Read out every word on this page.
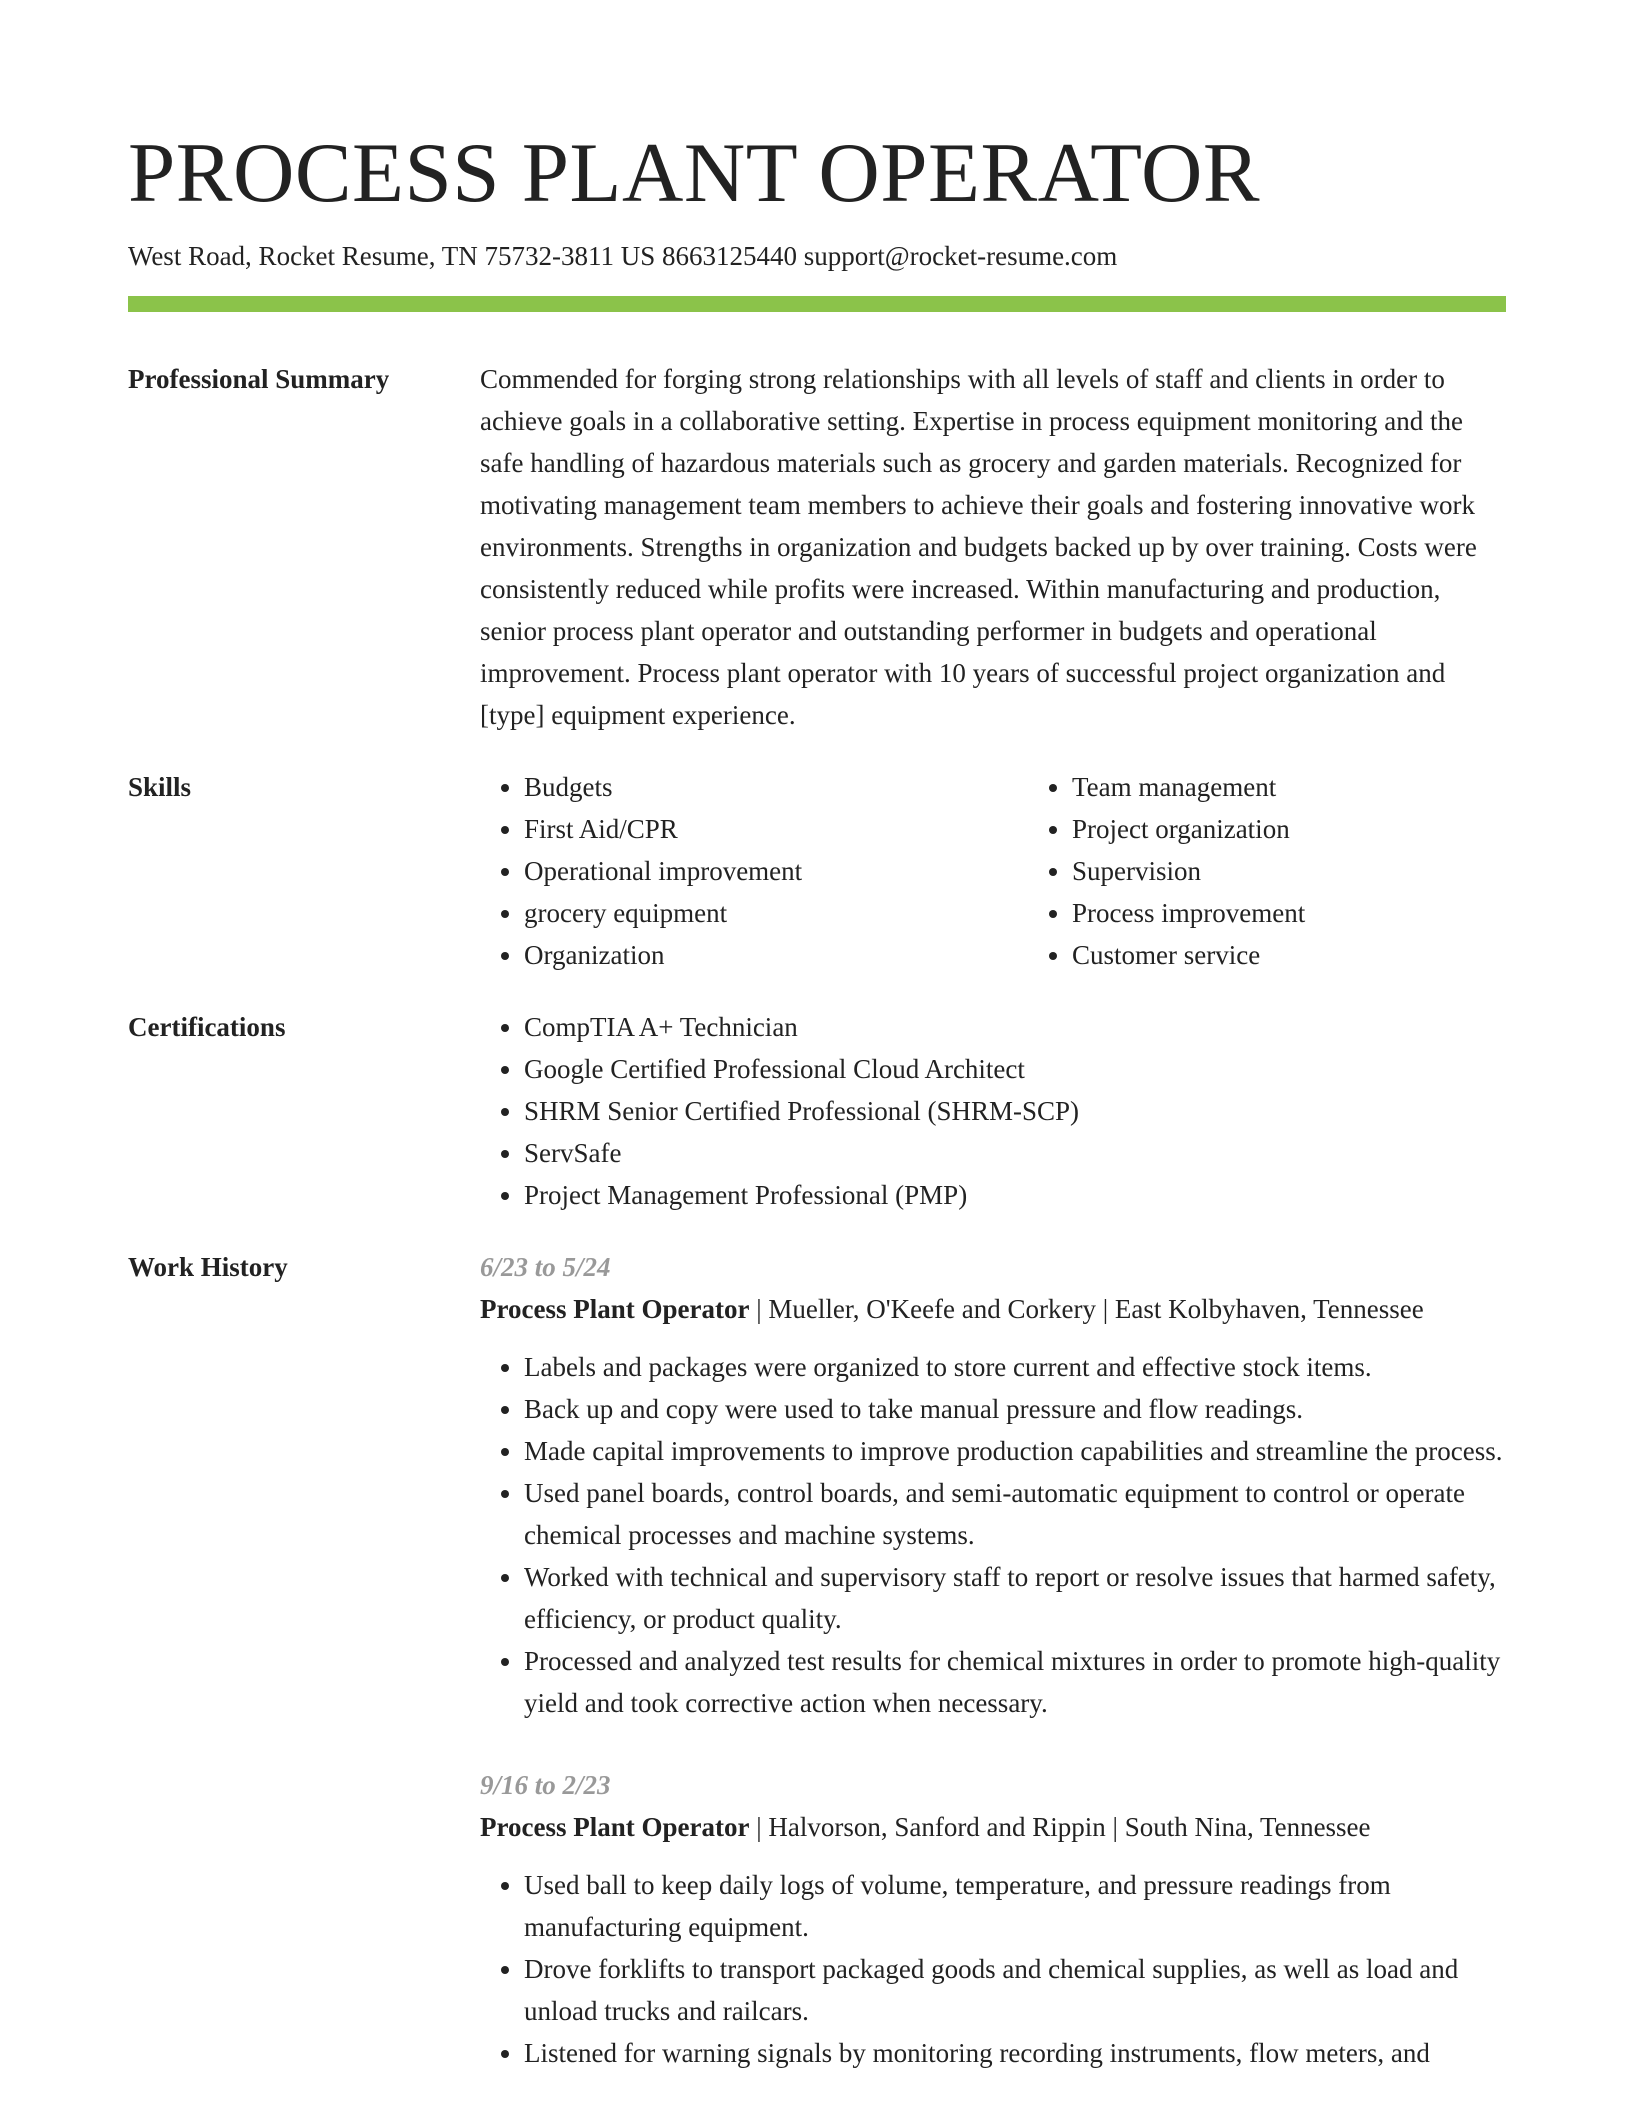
PROCESS PLANT OPERATOR
West Road, Rocket Resume, TN 75732-3811 US 8663125440 support@rocket-resume.com
Professional Summary	Commended for forging strong relationships with all levels of staff and clients in order to achieve goals in a collaborative setting. Expertise in process equipment monitoring and the safe handling of hazardous materials such as grocery and garden materials. Recognized for motivating management team members to achieve their goals and fostering innovative work environments. Strengths in organization and budgets backed up by over training. Costs were consistently reduced while profits were increased. Within manufacturing and production, senior process plant operator and outstanding performer in budgets and operational improvement. Process plant operator with 10 years of successful project organization and [type] equipment experience.

Skills	• Budgets
• First Aid/CPR
• Operational improvement
• grocery equipment
• Organization
• Team management
• Project organization
• Supervision
• Process improvement
• Customer service
Certifications	• CompTIA A+ Technician
• Google Certified Professional Cloud Architect
• SHRM Senior Certified Professional (SHRM-SCP)
• ServSafe
• Project Management Professional (PMP)
Work History	6/23 to 5/24
Process Plant Operator | Mueller, O'Keefe and Corkery | East Kolbyhaven, Tennessee
• Labels and packages were organized to store current and effective stock items.
• Back up and copy were used to take manual pressure and flow readings.
• Made capital improvements to improve production capabilities and streamline the process.
• Used panel boards, control boards, and semi-automatic equipment to control or operate chemical processes and machine systems.
• Worked with technical and supervisory staff to report or resolve issues that harmed safety, efficiency, or product quality.
• Processed and analyzed test results for chemical mixtures in order to promote high-quality yield and took corrective action when necessary.
9/16 to 2/23
Process Plant Operator | Halvorson, Sanford and Rippin | South Nina, Tennessee
• Used ball to keep daily logs of volume, temperature, and pressure readings from manufacturing equipment.
• Drove forklifts to transport packaged goods and chemical supplies, as well as load and unload trucks and railcars.
• Listened for warning signals by monitoring recording instruments, flow meters, and
